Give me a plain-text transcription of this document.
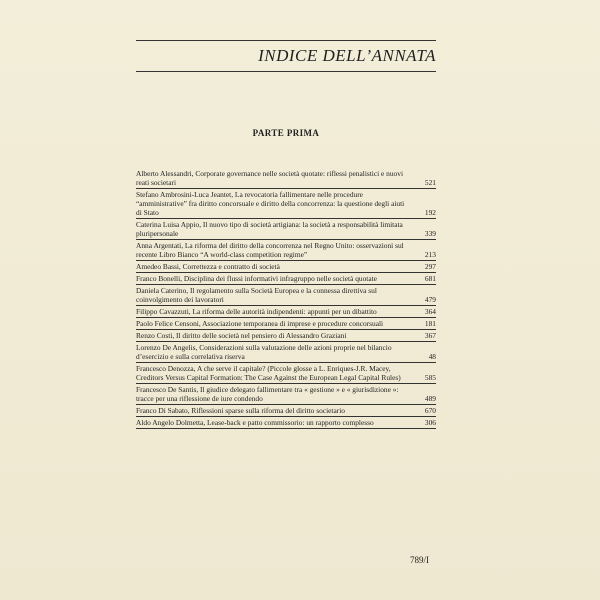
INDICE DELL’ANNATA
PARTE PRIMA
Alberto Alessandri, Corporate governance nelle società quotate: riflessi penalistici e nuovi reati societari	521
Stefano Ambrosini-Luca Jeantet, La revocatoria fallimentare nelle procedure “amministrative” fra diritto concorsuale e diritto della concorrenza: la questione degli aiuti di Stato	192
Caterina Luisa Appio, Il nuovo tipo di società artigiana: la società a responsabilità limitata pluripersonale	339
Anna Argentati, La riforma del diritto della concorrenza nel Regno Unito: osservazioni sul recente Libro Bianco “A world-class competition regime”	213
Amedeo Bassi, Correttezza e contratto di società	297
Franco Bonelli, Disciplina dei flussi informativi infragruppo nelle società quotate	681
Daniela Caterino, Il regolamento sulla Società Europea e la connessa direttiva sul coinvolgimento dei lavoratori	479
Filippo Cavazzuti, La riforma delle autorità indipendenti: appunti per un dibattito	364
Paolo Felice Censoni, Associazione temporanea di imprese e procedure concorsuali	181
Renzo Costi, Il diritto delle società nel pensiero di Alessandro Graziani	367
Lorenzo De Angelis, Considerazioni sulla valutazione delle azioni proprie nel bilancio d’esercizio e sulla correlativa riserva	48
Francesco Denozza, A che serve il capitale? (Piccole glosse a L. Enriques-J.R. Macey, Creditors Versus Capital Formation: The Case Against the European Legal Capital Rules)	585
Francesco De Santis, Il giudice delegato fallimentare tra « gestione » e « giurisdizione »: tracce per una riflessione de iure condendo	489
Franco Di Sabato, Riflessioni sparse sulla riforma del diritto societario	670
Aldo Angelo Dolmetta, Lease-back e patto commissorio: un rapporto complesso	306
789/I
